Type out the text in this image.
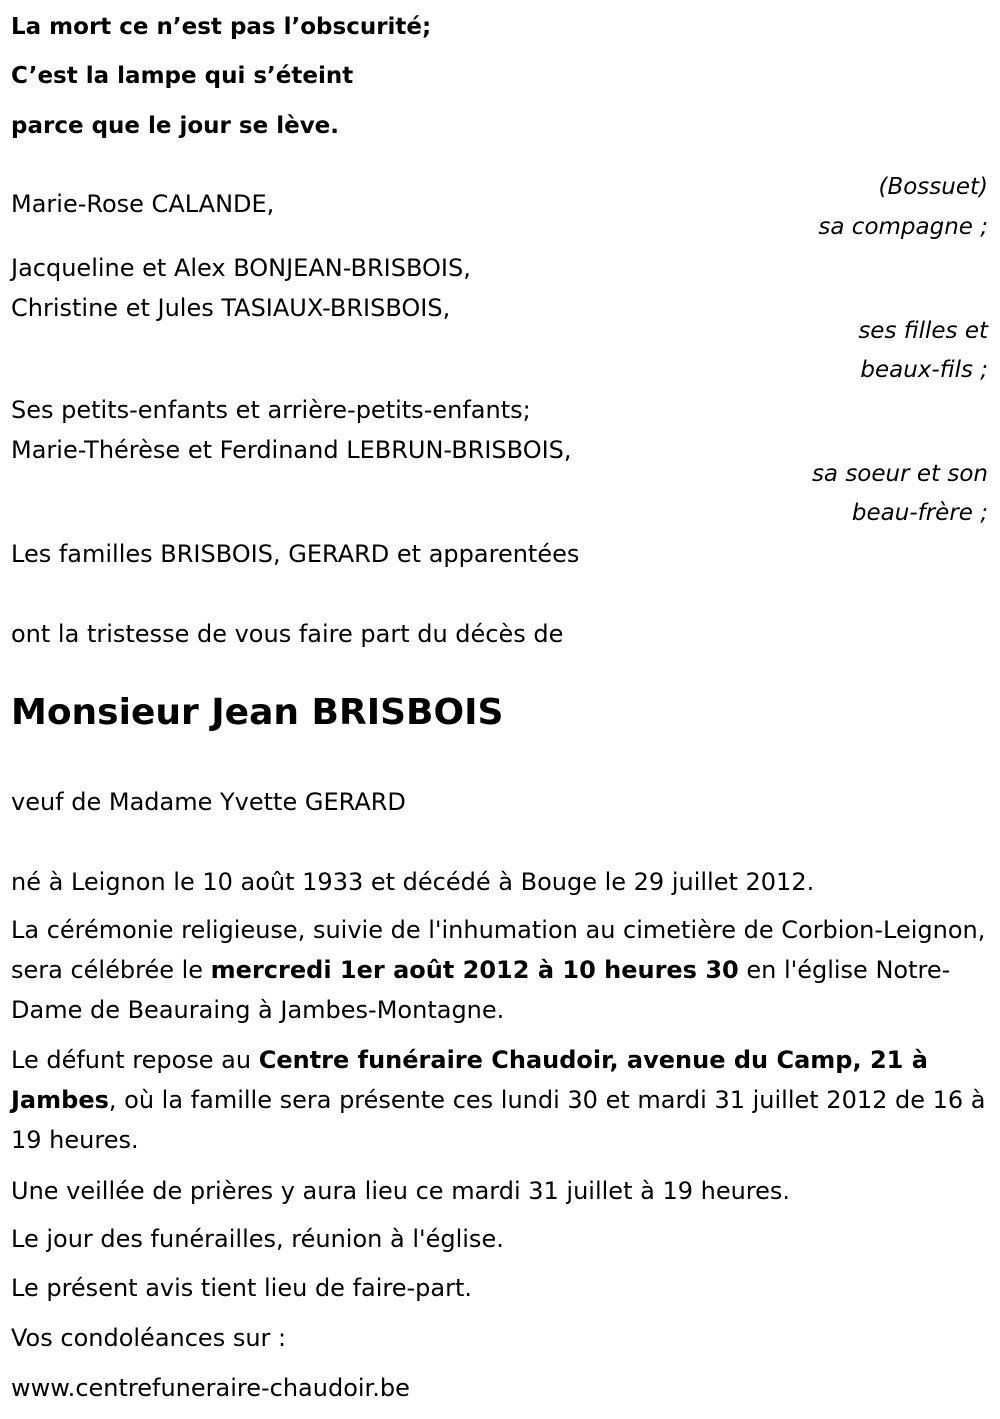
La mort ce n’est pas l’obscurité;
C’est la lampe qui s’éteint
parce que le jour se lève.
(Bossuet)
Marie-Rose CALANDE,
sa compagne ;
Jacqueline et Alex BONJEAN-BRISBOIS,
Christine et Jules TASIAUX-BRISBOIS,
ses filles et
beaux-fils ;
Ses petits-enfants et arrière-petits-enfants;
Marie-Thérèse et Ferdinand LEBRUN-BRISBOIS,
sa soeur et son
beau-frère ;
Les familles BRISBOIS, GERARD et apparentées
ont la tristesse de vous faire part du décès de
Monsieur Jean BRISBOIS
veuf de Madame Yvette GERARD
né à Leignon le 10 août 1933 et décédé à Bouge le 29 juillet 2012.
La cérémonie religieuse, suivie de l'inhumation au cimetière de Corbion-Leignon, sera célébrée le mercredi 1er août 2012 à 10 heures 30 en l'église Notre-Dame de Beauraing à Jambes-Montagne.
Le défunt repose au Centre funéraire Chaudoir, avenue du Camp, 21 à Jambes, où la famille sera présente ces lundi 30 et mardi 31 juillet 2012 de 16 à 19 heures.
Une veillée de prières y aura lieu ce mardi 31 juillet à 19 heures.
Le jour des funérailles, réunion à l'église.
Le présent avis tient lieu de faire-part.
Vos condoléances sur :
www.centrefuneraire-chaudoir.be
